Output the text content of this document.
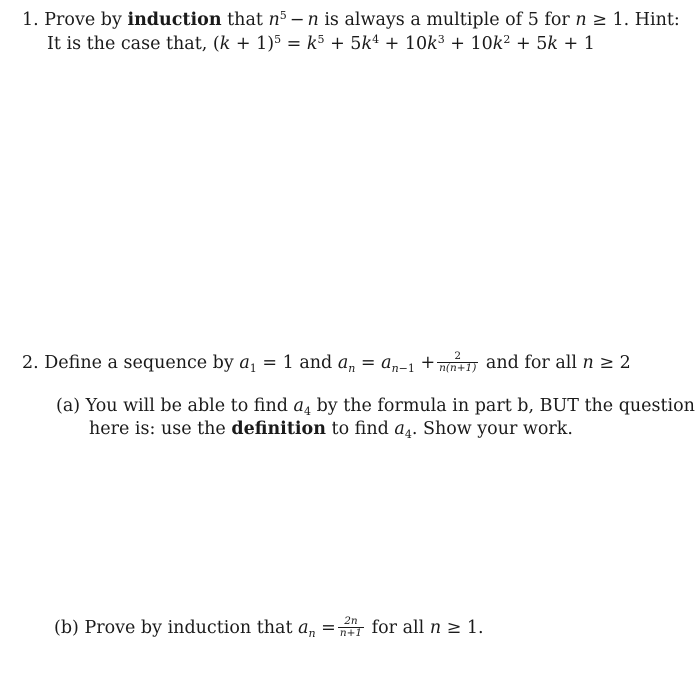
1. Prove by induction that $n^5 - n$ is always a multiple of 5 for n ≥ 1. Hint:
It is the case that, $(k + 1)^5 = k^5 + 5k^4 + 10k^3 + 10k^2 + 5k + 1$
2. Define a sequence by $a_1 = 1$ and $a_n = a_{n-1} + \frac{2}{n(n+1)}$ and for all n ≥ 2
(a) You will be able to find $a_4$ by the formula in part b, BUT the question
here is: use the definition to find $a_4$. Show your work.
(b) Prove by induction that $a_n = \frac{2n}{n+1}$ for all n ≥ 1.
